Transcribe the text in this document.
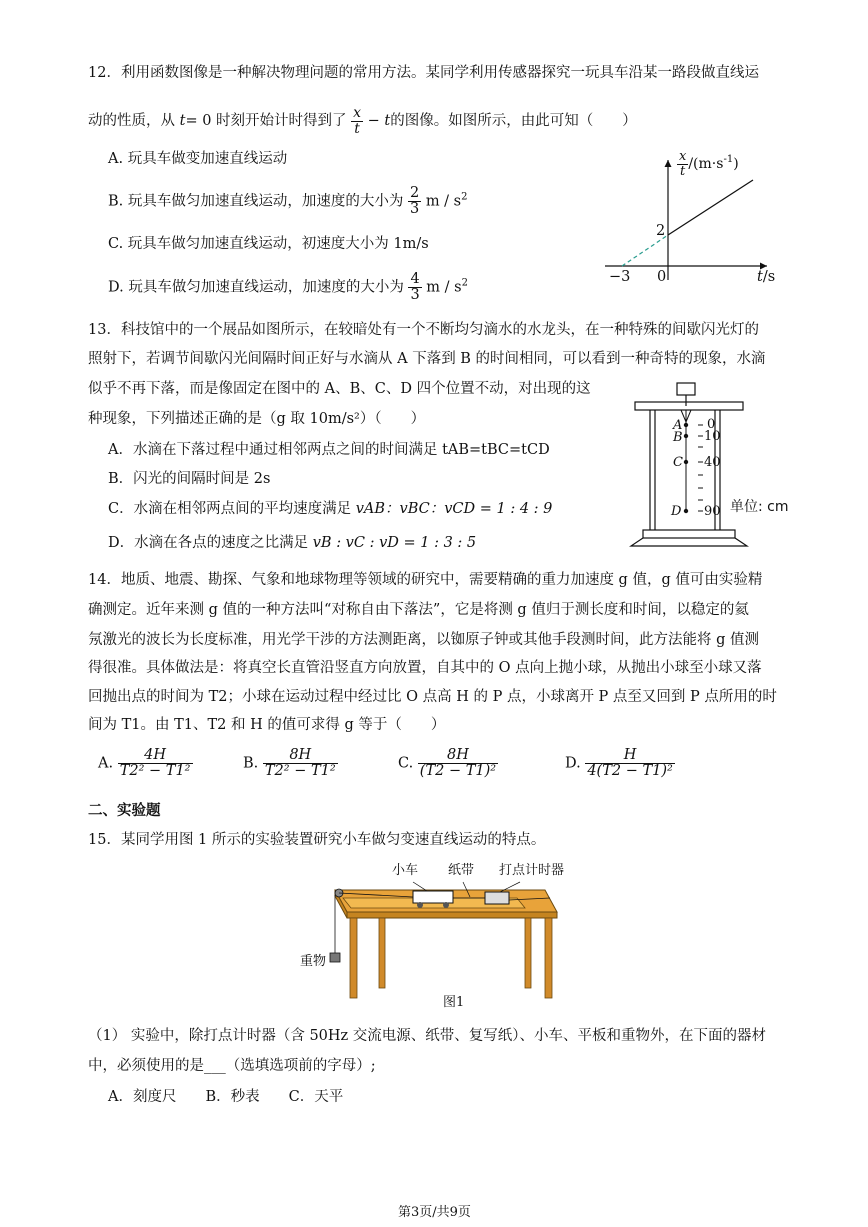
12．利用函数图像是一种解决物理问题的常用方法。某同学利用传感器探究一玩具车沿某一路段做直线运
动的性质，从 t= 0 时刻开始计时得到了 $\frac{x}{t} - t$的图像。如图所示，由此可知（　　）
A. 玩具车做变加速直线运动
B. 玩具车做匀加速直线运动，加速度的大小为 $\frac{2}{3}$ m / $s^2$
C. 玩具车做匀加速直线运动，初速度大小为 1m/s
D. 玩具车做匀加速直线运动，加速度的大小为 $\frac{4}{3}$ m / $s^2$
$\frac{x}{t} /(m\cdot s^{-1})$
2
0
−3	t/s
13．科技馆中的一个展品如图所示，在较暗处有一个不断均匀滴水的水龙头，在一种特殊的间歇闪光灯的
照射下，若调节间歇闪光间隔时间正好与水滴从 A 下落到 B 的时间相同，可以看到一种奇特的现象，水滴
似乎不再下落，而是像固定在图中的 A、B、C、D 四个位置不动，对出现的这
种现象，下列描述正确的是（g 取 10m/s²）（　　）
A．水滴在下落过程中通过相邻两点之间的时间满足 tAB=tBC=tCD
B．闪光的间隔时间是 2s
C．水滴在相邻两点间的平均速度满足 vAB：vBC：vCD = 1 : 4 : 9
D．水滴在各点的速度之比满足 vB : vC : vD = 1 : 3 : 5
A
B
C
D
0
10
40
90 单位: cm
14．地质、地震、勘探、气象和地球物理等领域的研究中，需要精确的重力加速度 g 值，g 值可由实验精
确测定。近年来测 g 值的一种方法叫“对称自由下落法”，它是将测 g 值归于测长度和时间，以稳定的氦
氖激光的波长为长度标准，用光学干涉的方法测距离，以铷原子钟或其他手段测时间，此方法能将 g 值测
得很准。具体做法是：将真空长直管沿竖直方向放置，自其中的 O 点向上抛小球，从抛出小球至小球又落
回抛出点的时间为 T2；小球在运动过程中经过比 O 点高 H 的 P 点，小球离开 P 点至又回到 P 点所用的时
间为 T1。由 T1、T2 和 H 的值可求得 g 等于（　　）
A. $\frac{4H}{\text{T2² − T1²}}$	B. $\frac{8H}{\text{T2² − T1²}}$	C. $\frac{8H}{\text{(T2 − T1)²}}$	D. $\frac{H}{\text{4(T2 − T1)²}}$
二、实验题
15．某同学用图 1 所示的实验装置研究小车做匀变速直线运动的特点。
小车 纸带 打点计时器
重物
图1
（1） 实验中，除打点计时器（含 50Hz 交流电源、纸带、复写纸）、小车、平板和重物外，在下面的器材
中，必须使用的是___（选填选项前的字母）;
A．刻度尺　　B．秒表　　C．天平
第3页/共9页
